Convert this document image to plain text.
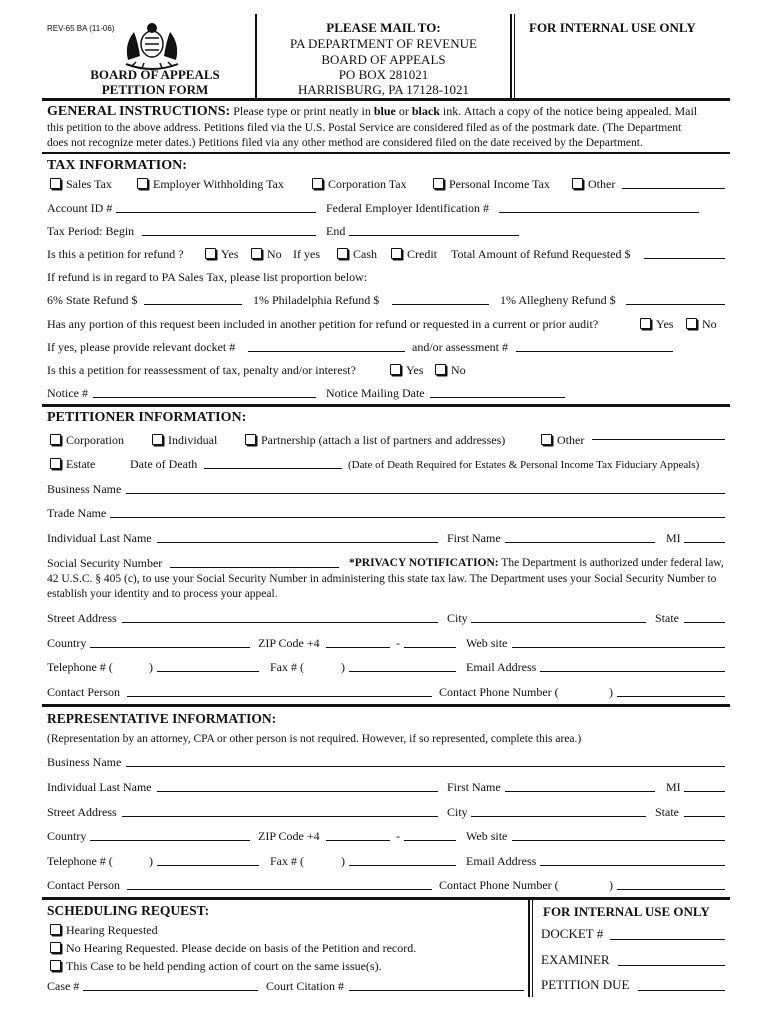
REV-65 BA (11-06)
BOARD OF APPEALS
PETITION FORM
PLEASE MAIL TO:
PA DEPARTMENT OF REVENUE
BOARD OF APPEALS
PO BOX 281021
HARRISBURG, PA 17128-1021
FOR INTERNAL USE ONLY
GENERAL INSTRUCTIONS: Please type or print neatly in blue or black ink. Attach a copy of the notice being appealed. Mail
this petition to the above address. Petitions filed via the U.S. Postal Service are considered filed as of the postmark date. (The Department
does not recognize meter dates.) Petitions filed via any other method are considered filed on the date received by the Department.
TAX INFORMATION:
Sales Tax	Employer Withholding Tax	Corporation Tax	Personal Income Tax	Other
Account ID #	Federal Employer Identification #
Tax Period: Begin	End
Is this a petition for refund ?	Yes	No If yes	Cash	Credit Total Amount of Refund Requested $
If refund is in regard to PA Sales Tax, please list proportion below:
6% State Refund $	1% Philadelphia Refund $	1% Allegheny Refund $
Has any portion of this request been included in another petition for refund or requested in a current or prior audit?	Yes	No
If yes, please provide relevant docket #	and/or assessment #
Is this a petition for reassessment of tax, penalty and/or interest?	Yes	No
Notice #	Notice Mailing Date
PETITIONER INFORMATION:
Corporation	Individual	Partnership (attach a list of partners and addresses)	Other
Estate	Date of Death	(Date of Death Required for Estates & Personal Income Tax Fiduciary Appeals)
Business Name
Trade Name
Individual Last Name	First Name	MI
Social Security Number	*PRIVACY NOTIFICATION: The Department is authorized under federal law,
42 U.S.C. § 405 (c), to use your Social Security Number in administering this state tax law. The Department uses your Social Security Number to
establish your identity and to process your appeal.
Street Address	City	State
Country	ZIP Code +4	-	Web site
Telephone # (	)	Fax # (	)	Email Address
Contact Person	Contact Phone Number (	)
REPRESENTATIVE INFORMATION:
(Representation by an attorney, CPA or other person is not required. However, if so represented, complete this area.)
Business Name
Individual Last Name	First Name	MI
Street Address	City	State
Country	ZIP Code +4	-	Web site
Telephone # (	)	Fax # (	)	Email Address
Contact Person	Contact Phone Number (	)
SCHEDULING REQUEST:
Hearing Requested
No Hearing Requested. Please decide on basis of the Petition and record.
This Case to be held pending action of court on the same issue(s).
Case #	Court Citation #
FOR INTERNAL USE ONLY
DOCKET #
EXAMINER
PETITION DUE
